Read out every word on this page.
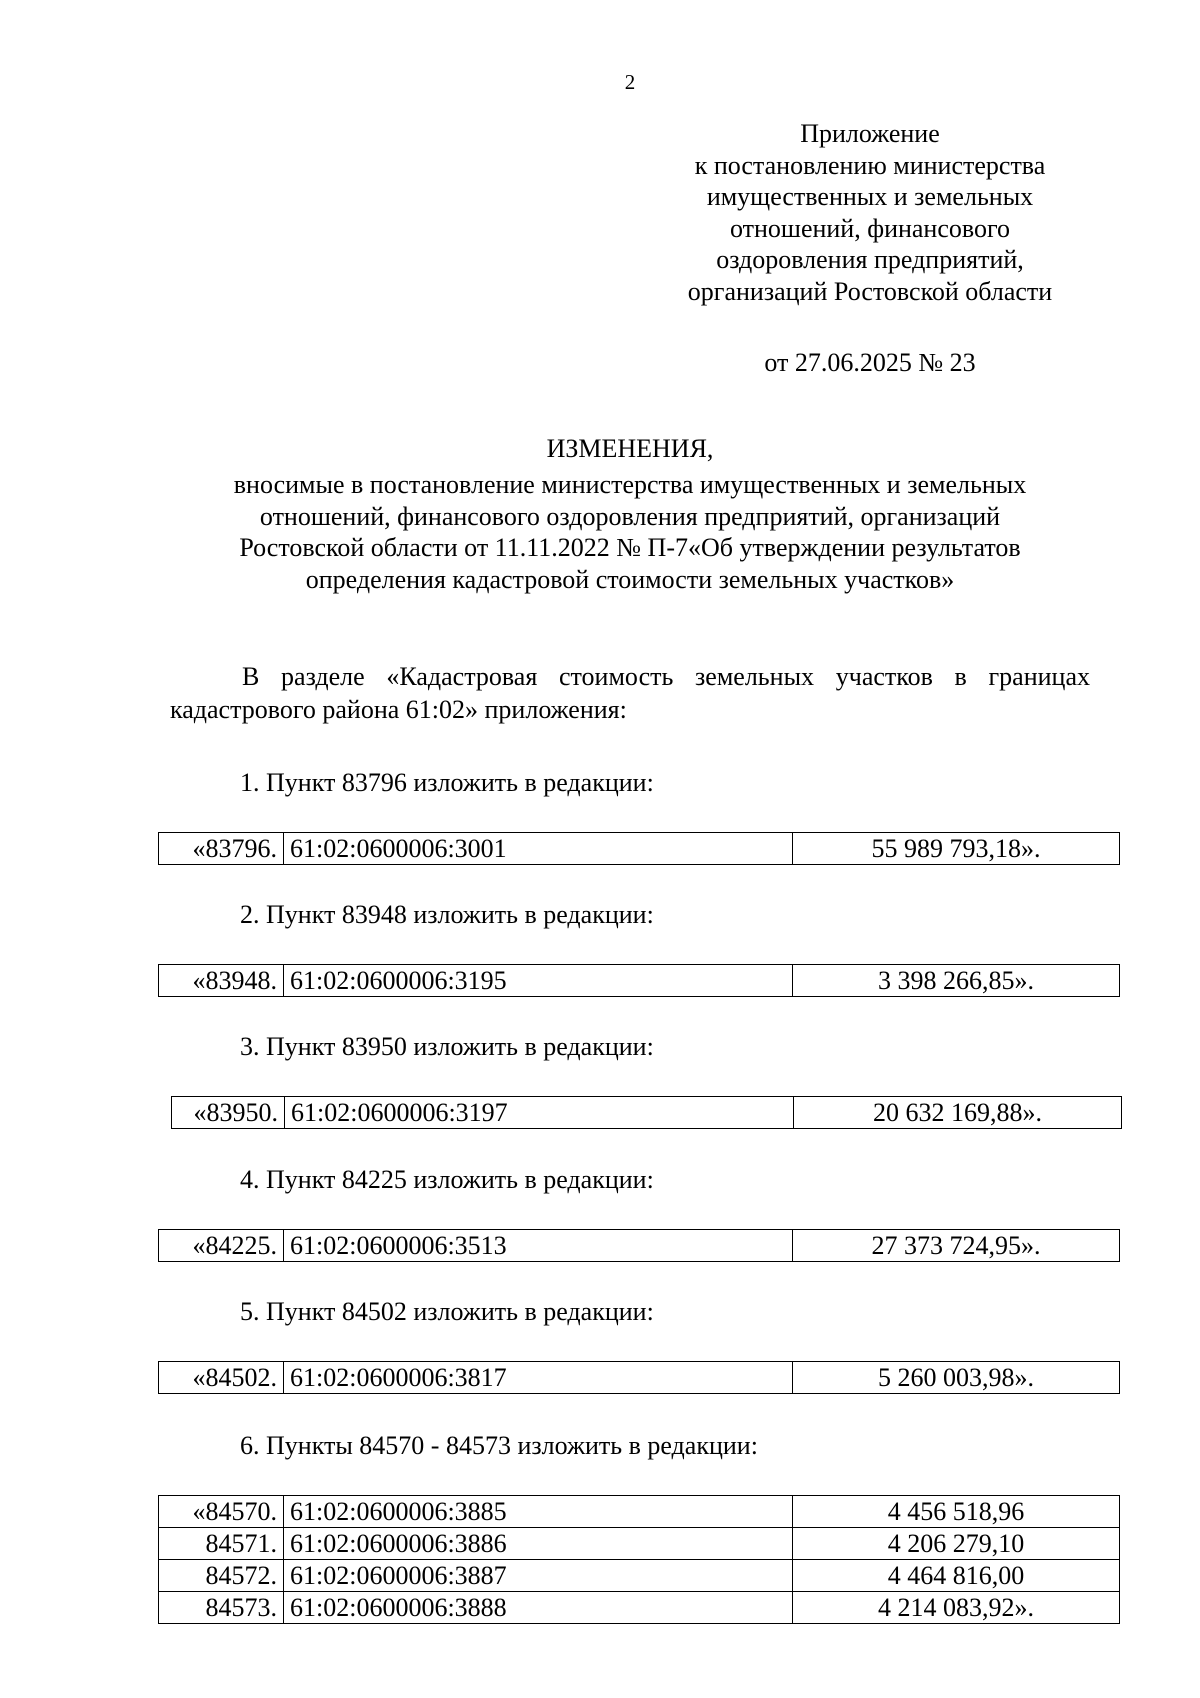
2
Приложение
к постановлению министерства
имущественных и земельных
отношений, финансового
оздоровления предприятий,
организаций Ростовской области
от 27.06.2025 № 23
ИЗМЕНЕНИЯ,
вносимые в постановление министерства имущественных и земельных
отношений, финансового оздоровления предприятий, организаций
Ростовской области от 11.11.2022 № П-7«Об утверждении результатов
определения кадастровой стоимости земельных участков»
В разделе «Кадастровая стоимость земельных участков в границах кадастрового района 61:02» приложения:
1. Пункт 83796 изложить в редакции:
«83796.	61:02:0600006:3001	55 989 793,18».
2. Пункт 83948 изложить в редакции:
«83948.	61:02:0600006:3195	3 398 266,85».
3. Пункт 83950 изложить в редакции:
«83950.	61:02:0600006:3197	20 632 169,88».
4. Пункт 84225 изложить в редакции:
«84225.	61:02:0600006:3513	27 373 724,95».
5. Пункт 84502 изложить в редакции:
«84502.	61:02:0600006:3817	5 260 003,98».
6. Пункты 84570 - 84573 изложить в редакции:
«84570.	61:02:0600006:3885	4 456 518,96
84571.	61:02:0600006:3886	4 206 279,10
84572.	61:02:0600006:3887	4 464 816,00
84573.	61:02:0600006:3888	4 214 083,92».
